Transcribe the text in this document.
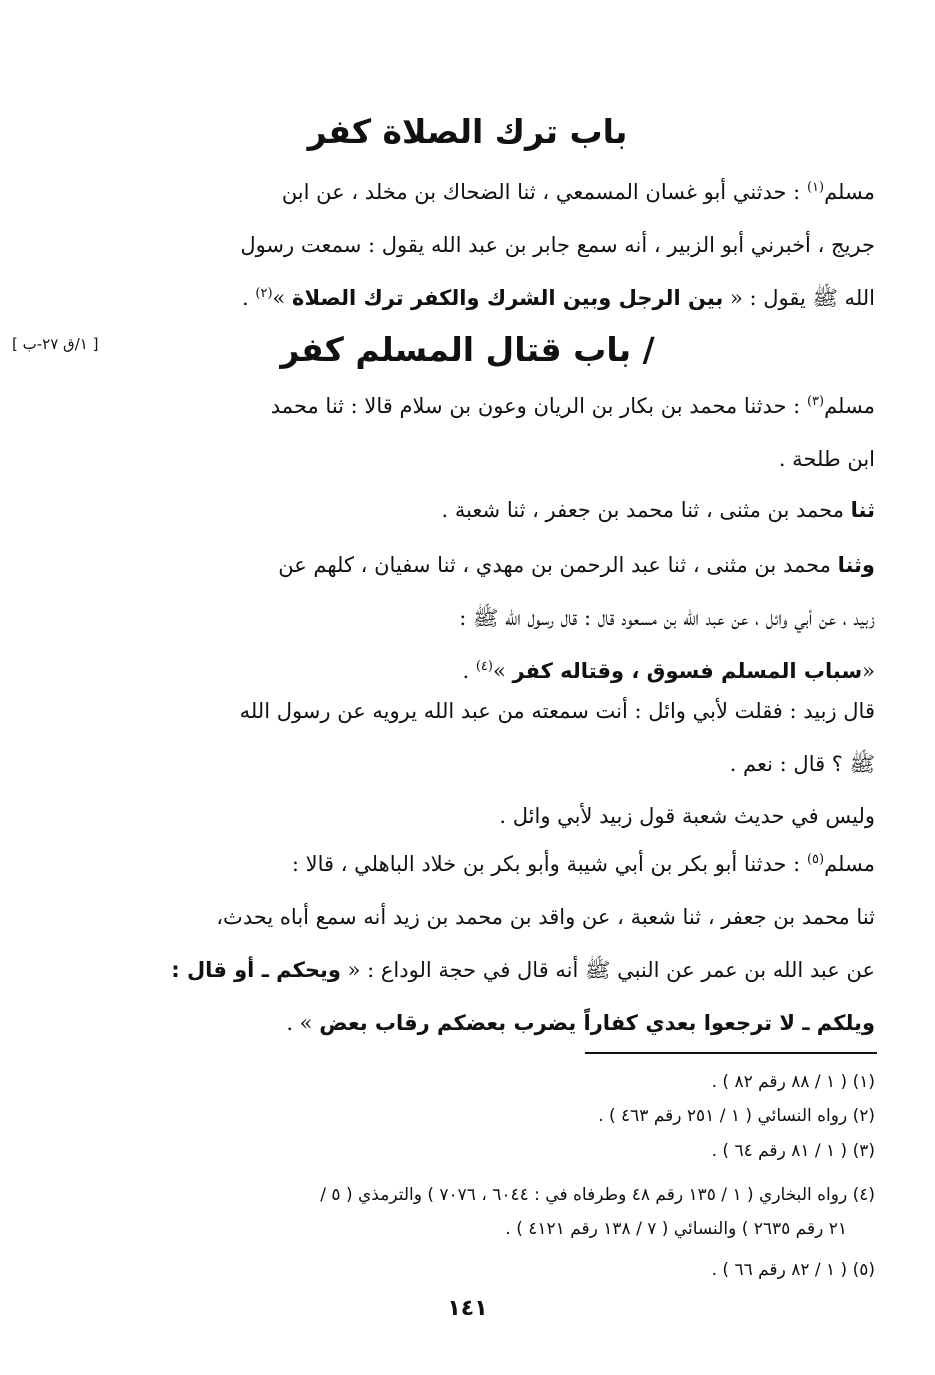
باب ترك الصلاة كفر
مسلم$^{(١)}$ : حدثني أبو غسان المسمعي ، ثنا الضحاك بن مخلد ، عن ابن
جريج ، أخبرني أبو الزبير ، أنه سمع جابر بن عبد الله يقول : سمعت رسول
الله ﷺ يقول : « بين الرجل وبين الشرك والكفر ترك الصلاة »$^{(٢)}$ .
/ باب قتال المسلم كفر
[ ١/ق ٢٧-ب ]
مسلم$^{(٣)}$ : حدثنا محمد بن بكار بن الريان وعون بن سلام قالا : ثنا محمد
ابن طلحة .
ثنا محمد بن مثنى ، ثنا محمد بن جعفر ، ثنا شعبة .
وثنا محمد بن مثنى ، ثنا عبد الرحمن بن مهدي ، ثنا سفيان ، كلهم عن
زبيد ، عن أبي وائل ، عن عبد الله بن مسعود قال : قال رسول الله ﷺ :
«سباب المسلم فسوق ، وقتاله كفر »$^{(٤)}$ .
قال زبيد : فقلت لأبي وائل : أنت سمعته من عبد الله يرويه عن رسول الله
ﷺ ؟ قال : نعم .
وليس في حديث شعبة قول زبيد لأبي وائل .
مسلم$^{(٥)}$ : حدثنا أبو بكر بن أبي شيبة وأبو بكر بن خلاد الباهلي ، قالا :
ثنا محمد بن جعفر ، ثنا شعبة ، عن واقد بن محمد بن زيد أنه سمع أباه يحدث،
عن عبد الله بن عمر عن النبي ﷺ أنه قال في حجة الوداع : « ويحكم ـ أو قال :
ويلكم ـ لا ترجعوا بعدي كفاراً يضرب بعضكم رقاب بعض » .
(١) ( ١ / ٨٨ رقم ٨٢ ) .
(٢) رواه النسائي ( ١ / ٢٥١ رقم ٤٦٣ ) .
(٣) ( ١ / ٨١ رقم ٦٤ ) .
(٤) رواه البخاري ( ١ / ١٣٥ رقم ٤٨ وطرفاه في : ٦٠٤٤ ، ٧٠٧٦ ) والترمذي ( ٥ /
٢١ رقم ٢٦٣٥ ) والنسائي ( ٧ / ١٣٨ رقم ٤١٢١ ) .
(٥) ( ١ / ٨٢ رقم ٦٦ ) .
١٤١
